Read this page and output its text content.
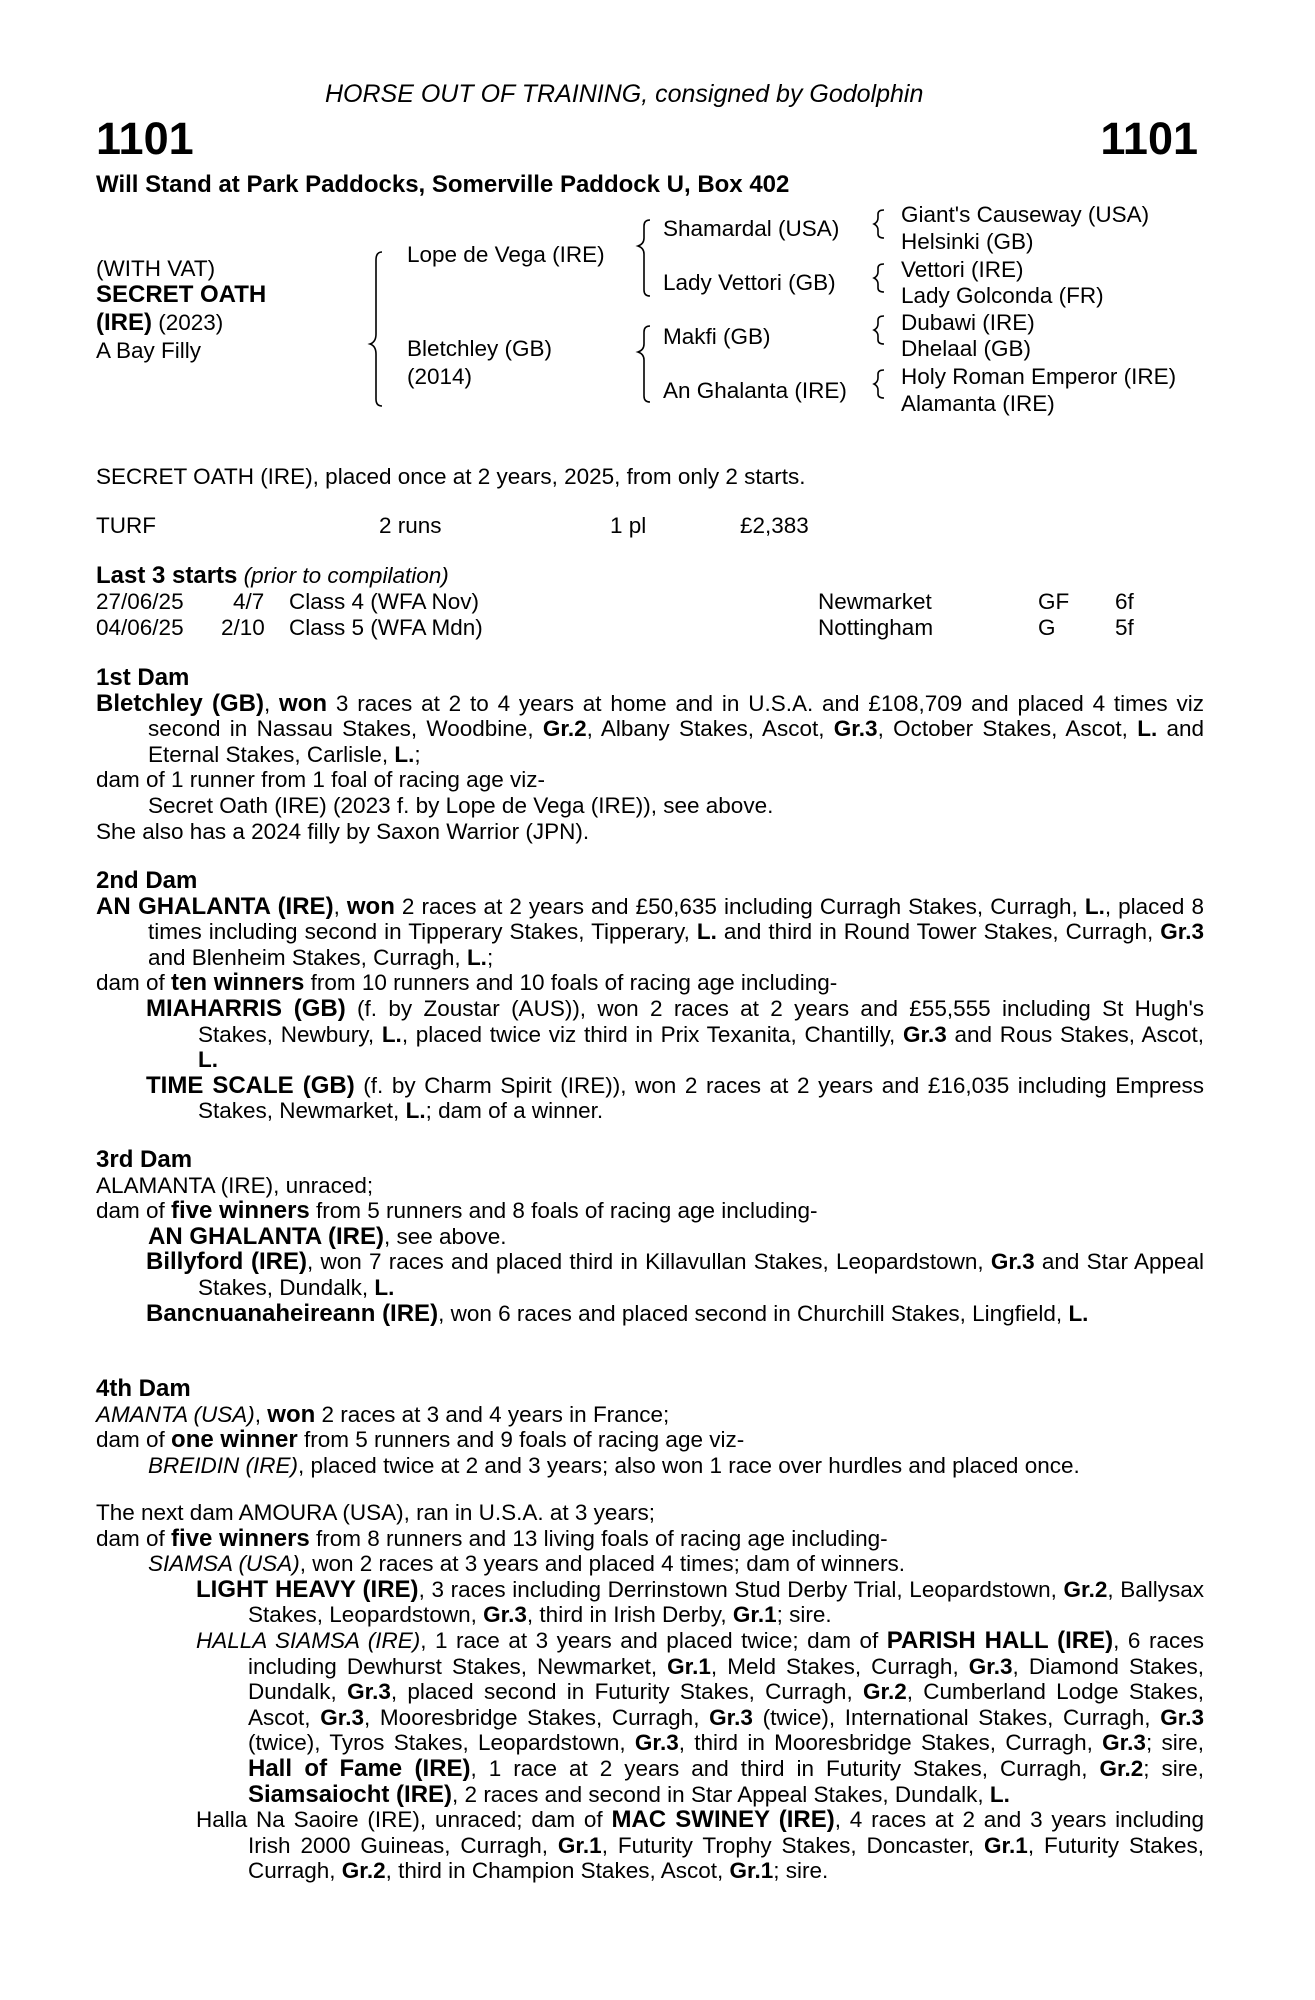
HORSE OUT OF TRAINING, consigned by Godolphin
1101	1101
Will Stand at Park Paddocks, Somerville Paddock U, Box 402
(WITH VAT)
SECRET OATH
(IRE) (2023)
A Bay Filly
Lope de Vega (IRE)
Bletchley (GB)
(2014)
Shamardal (USA)
Lady Vettori (GB)
Makfi (GB)
An Ghalanta (IRE)
Giant's Causeway (USA)
Helsinki (GB)
Vettori (IRE)
Lady Golconda (FR)
Dubawi (IRE)
Dhelaal (GB)
Holy Roman Emperor (IRE)
Alamanta (IRE)
SECRET OATH (IRE), placed once at 2 years, 2025, from only 2 starts.
TURF	2 runs	1 pl	£2,383
Last 3 starts (prior to compilation)
27/06/25 4/7 Class 4 (WFA Nov)	Newmarket	GF 6f
04/06/25 2/10 Class 5 (WFA Mdn)	Nottingham	G	5f
1st Dam
Bletchley (GB), won 3 races at 2 to 4 years at home and in U.S.A. and £108,709 and placed 4 times viz second in Nassau Stakes, Woodbine, Gr.2, Albany Stakes, Ascot, Gr.3, October Stakes, Ascot, L. and Eternal Stakes, Carlisle, L.;
dam of 1 runner from 1 foal of racing age viz-
Secret Oath (IRE) (2023 f. by Lope de Vega (IRE)), see above.
She also has a 2024 filly by Saxon Warrior (JPN).
2nd Dam
AN GHALANTA (IRE), won 2 races at 2 years and £50,635 including Curragh Stakes, Curragh, L., placed 8 times including second in Tipperary Stakes, Tipperary, L. and third in Round Tower Stakes, Curragh, Gr.3 and Blenheim Stakes, Curragh, L.;
dam of ten winners from 10 runners and 10 foals of racing age including-
MIAHARRIS (GB) (f. by Zoustar (AUS)), won 2 races at 2 years and £55,555 including St Hugh's Stakes, Newbury, L., placed twice viz third in Prix Texanita, Chantilly, Gr.3 and Rous Stakes, Ascot, L.
TIME SCALE (GB) (f. by Charm Spirit (IRE)), won 2 races at 2 years and £16,035 including Empress Stakes, Newmarket, L.; dam of a winner.
3rd Dam
ALAMANTA (IRE), unraced;
dam of five winners from 5 runners and 8 foals of racing age including-
AN GHALANTA (IRE), see above.
Billyford (IRE), won 7 races and placed third in Killavullan Stakes, Leopardstown, Gr.3 and Star Appeal Stakes, Dundalk, L.
Bancnuanaheireann (IRE), won 6 races and placed second in Churchill Stakes, Lingfield, L.
4th Dam
AMANTA (USA), won 2 races at 3 and 4 years in France;
dam of one winner from 5 runners and 9 foals of racing age viz-
BREIDIN (IRE), placed twice at 2 and 3 years; also won 1 race over hurdles and placed once.
The next dam AMOURA (USA), ran in U.S.A. at 3 years;
dam of five winners from 8 runners and 13 living foals of racing age including-
SIAMSA (USA), won 2 races at 3 years and placed 4 times; dam of winners.
LIGHT HEAVY (IRE), 3 races including Derrinstown Stud Derby Trial, Leopardstown, Gr.2, Ballysax Stakes, Leopardstown, Gr.3, third in Irish Derby, Gr.1; sire.
HALLA SIAMSA (IRE), 1 race at 3 years and placed twice; dam of PARISH HALL (IRE), 6 races including Dewhurst Stakes, Newmarket, Gr.1, Meld Stakes, Curragh, Gr.3, Diamond Stakes, Dundalk, Gr.3, placed second in Futurity Stakes, Curragh, Gr.2, Cumberland Lodge Stakes, Ascot, Gr.3, Mooresbridge Stakes, Curragh, Gr.3 (twice), International Stakes, Curragh, Gr.3 (twice), Tyros Stakes, Leopardstown, Gr.3, third in Mooresbridge Stakes, Curragh, Gr.3; sire, Hall of Fame (IRE), 1 race at 2 years and third in Futurity Stakes, Curragh, Gr.2; sire, Siamsaiocht (IRE), 2 races and second in Star Appeal Stakes, Dundalk, L.
Halla Na Saoire (IRE), unraced; dam of MAC SWINEY (IRE), 4 races at 2 and 3 years including Irish 2000 Guineas, Curragh, Gr.1, Futurity Trophy Stakes, Doncaster, Gr.1, Futurity Stakes, Curragh, Gr.2, third in Champion Stakes, Ascot, Gr.1; sire.
